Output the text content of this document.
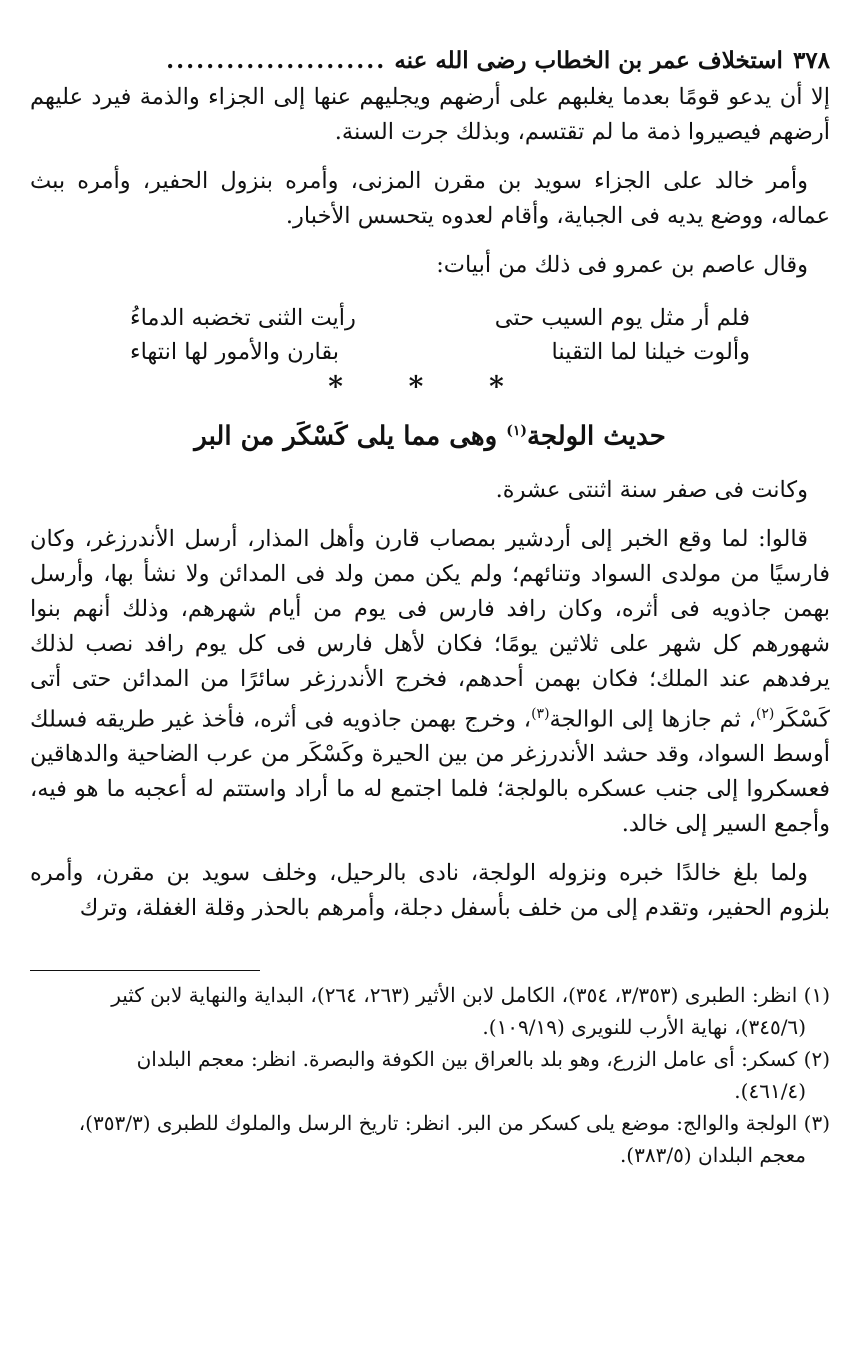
٣٧٨
استخلاف عمر بن الخطاب رضى الله عنه
......................

إلا أن يدعو قومًا بعدما يغلبهم على أرضهم ويجليهم عنها إلى الجزاء والذمة فيرد عليهم أرضهم فيصيروا ذمة ما لم تقتسم، وبذلك جرت السنة.

وأمر خالد على الجزاء سويد بن مقرن المزنى، وأمره بنزول الحفير، وأمره ببث عماله، ووضع يديه فى الجباية، وأقام لعدوه يتحسس الأخبار.

وقال عاصم بن عمرو فى ذلك من أبيات:

فلم أر مثل يوم السيب حتى
رأيت الثنى تخضبه الدماءُ
وألوت خيلنا لما التقينا
بقارن والأمور لها انتهاء
* * *
حديث الولجة$^{(١)}$ وهى مما يلى كَسْكَر من البر

وكانت فى صفر سنة اثنتى عشرة.

قالوا: لما وقع الخبر إلى أردشير بمصاب قارن وأهل المذار، أرسل الأندرزغر، وكان فارسيًا من مولدى السواد وتنائهم؛ ولم يكن ممن ولد فى المدائن ولا نشأ بها، وأرسل بهمن جاذويه فى أثره، وكان رافد فارس فى يوم من أيام شهرهم، وذلك أنهم بنوا شهورهم كل شهر على ثلاثين يومًا؛ فكان لأهل فارس فى كل يوم رافد نصب لذلك يرفدهم عند الملك؛ فكان بهمن أحدهم، فخرج الأندرزغر سائرًا من المدائن حتى أتى كَسْكَر$^{(٢)}$، ثم جازها إلى الوالجة$^{(٣)}$، وخرج بهمن جاذويه فى أثره، فأخذ غير طريقه فسلك أوسط السواد، وقد حشد الأندرزغر من بين الحيرة وكَسْكَر من عرب الضاحية والدهاقين فعسكروا إلى جنب عسكره بالولجة؛ فلما اجتمع له ما أراد واستتم له أعجبه ما هو فيه، وأجمع السير إلى خالد.

ولما بلغ خالدًا خبره ونزوله الولجة، نادى بالرحيل، وخلف سويد بن مقرن، وأمره بلزوم الحفير، وتقدم إلى من خلف بأسفل دجلة، وأمرهم بالحذر وقلة الغفلة، وترك

(١) انظر: الطبرى (٣/٣٥٣، ٣٥٤)، الكامل لابن الأثير (٢٦٣، ٢٦٤)، البداية والنهاية لابن كثير

(٣٤٥/٦)، نهاية الأرب للنويرى (١٠٩/١٩).

(٢) كسكر: أى عامل الزرع، وهو بلد بالعراق بين الكوفة والبصرة. انظر: معجم البلدان

(٤٦١/٤).

(٣) الولجة والوالج: موضع يلى كسكر من البر. انظر: تاريخ الرسل والملوك للطبرى (٣٥٣/٣)،

معجم البلدان (٣٨٣/٥).
